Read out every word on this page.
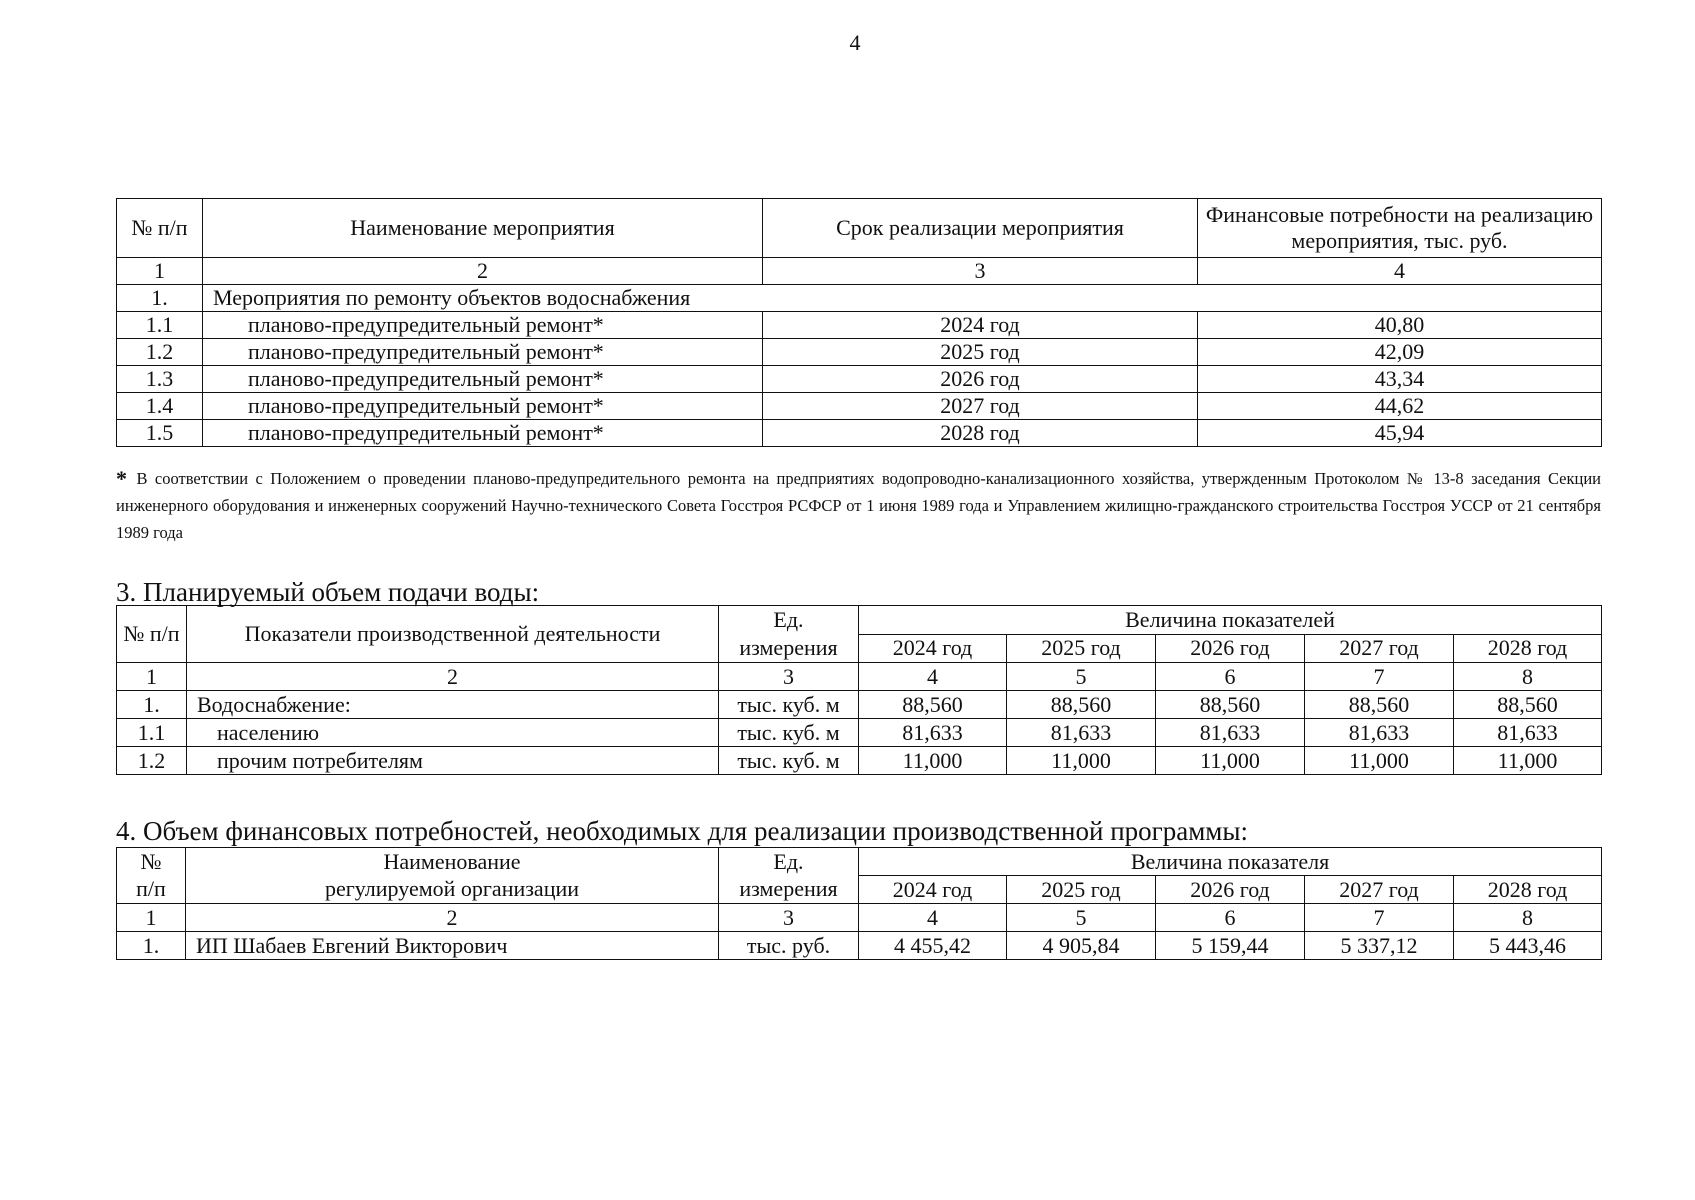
4
№ п/п	Наименование мероприятия	Срок реализации мероприятия	Финансовые потребности на реализацию мероприятия, тыс. руб.
1	2	3	4
1.	Мероприятия по ремонту объектов водоснабжения		
1.1	планово-предупредительный ремонт*	2024 год	40,80
1.2	планово-предупредительный ремонт*	2025 год	42,09
1.3	планово-предупредительный ремонт*	2026 год	43,34
1.4	планово-предупредительный ремонт*	2027 год	44,62
1.5	планово-предупредительный ремонт*	2028 год	45,94
* В соответствии с Положением о проведении планово-предупредительного ремонта на предприятиях водопроводно-канализационного хозяйства, утвержденным Протоколом № 13-8 заседания Секции инженерного оборудования и инженерных сооружений Научно-технического Совета Госстроя РСФСР от 1 июня 1989 года и Управлением жилищно-гражданского строительства Госстроя УССР от 21 сентября 1989 года
3. Планируемый объем подачи воды:
№ п/п	Показатели производственной деятельности	Ед. измерения	Величина показателей				
			2024 год	2025 год	2026 год	2027 год	2028 год
1	2	3	4	5	6	7	8
1.	Водоснабжение:	тыс. куб. м	88,560	88,560	88,560	88,560	88,560
1.1	населению	тыс. куб. м	81,633	81,633	81,633	81,633	81,633
1.2	прочим потребителям	тыс. куб. м	11,000	11,000	11,000	11,000	11,000
4. Объем финансовых потребностей, необходимых для реализации производственной программы:
№	Наименование	Ед.	Величина показателя				
п/п	регулируемой организации	измерения	2024 год	2025 год	2026 год	2027 год	2028 год
1	2	3	4	5	6	7	8
1.	ИП Шабаев Евгений Викторович	тыс. руб.	4 455,42	4 905,84	5 159,44	5 337,12	5 443,46
